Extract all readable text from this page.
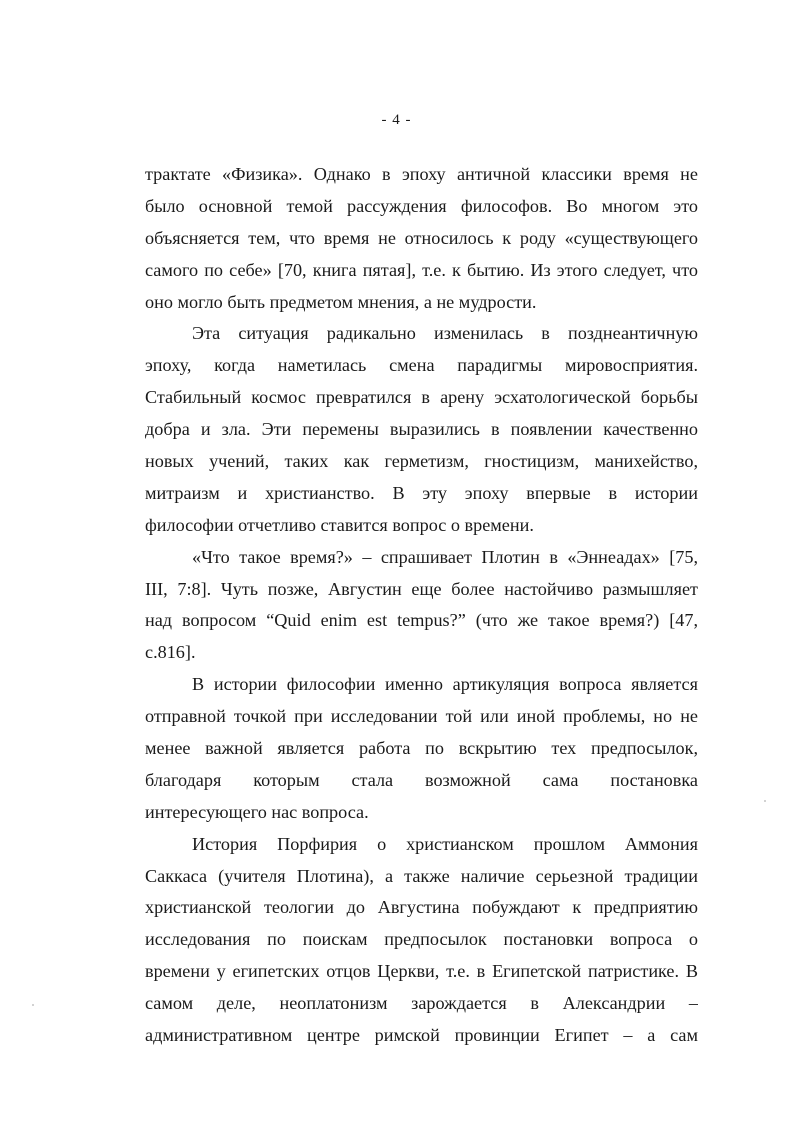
- 4 -
трактате «Физика». Однако в эпоху античной классики время не
было основной темой рассуждения философов. Во многом это
объясняется тем, что время не относилось к роду «существующего
самого по себе» [70, книга пятая], т.е. к бытию. Из этого следует, что
оно могло быть предметом мнения, а не мудрости.
Эта ситуация радикально изменилась в позднеантичную
эпоху, когда наметилась смена парадигмы мировосприятия.
Стабильный космос превратился в арену эсхатологической борьбы
добра и зла. Эти перемены выразились в появлении качественно
новых учений, таких как герметизм, гностицизм, манихейство,
митраизм и христианство. В эту эпоху впервые в истории
философии отчетливо ставится вопрос о времени.
«Что такое время?» – спрашивает Плотин в «Эннеадах» [75,
III, 7:8]. Чуть позже, Августин еще более настойчиво размышляет
над вопросом “Quid enim est tempus?” (что же такое время?) [47,
с.816].
В истории философии именно артикуляция вопроса является
отправной точкой при исследовании той или иной проблемы, но не
менее важной является работа по вскрытию тех предпосылок,
благодаря которым стала возможной сама постановка
интересующего нас вопроса.
История Порфирия о христианском прошлом Аммония
Саккаса (учителя Плотина), а также наличие серьезной традиции
христианской теологии до Августина побуждают к предприятию
исследования по поискам предпосылок постановки вопроса о
времени у египетских отцов Церкви, т.е. в Египетской патристике. В
самом деле, неоплатонизм зарождается в Александрии –
административном центре римской провинции Египет – а сам
